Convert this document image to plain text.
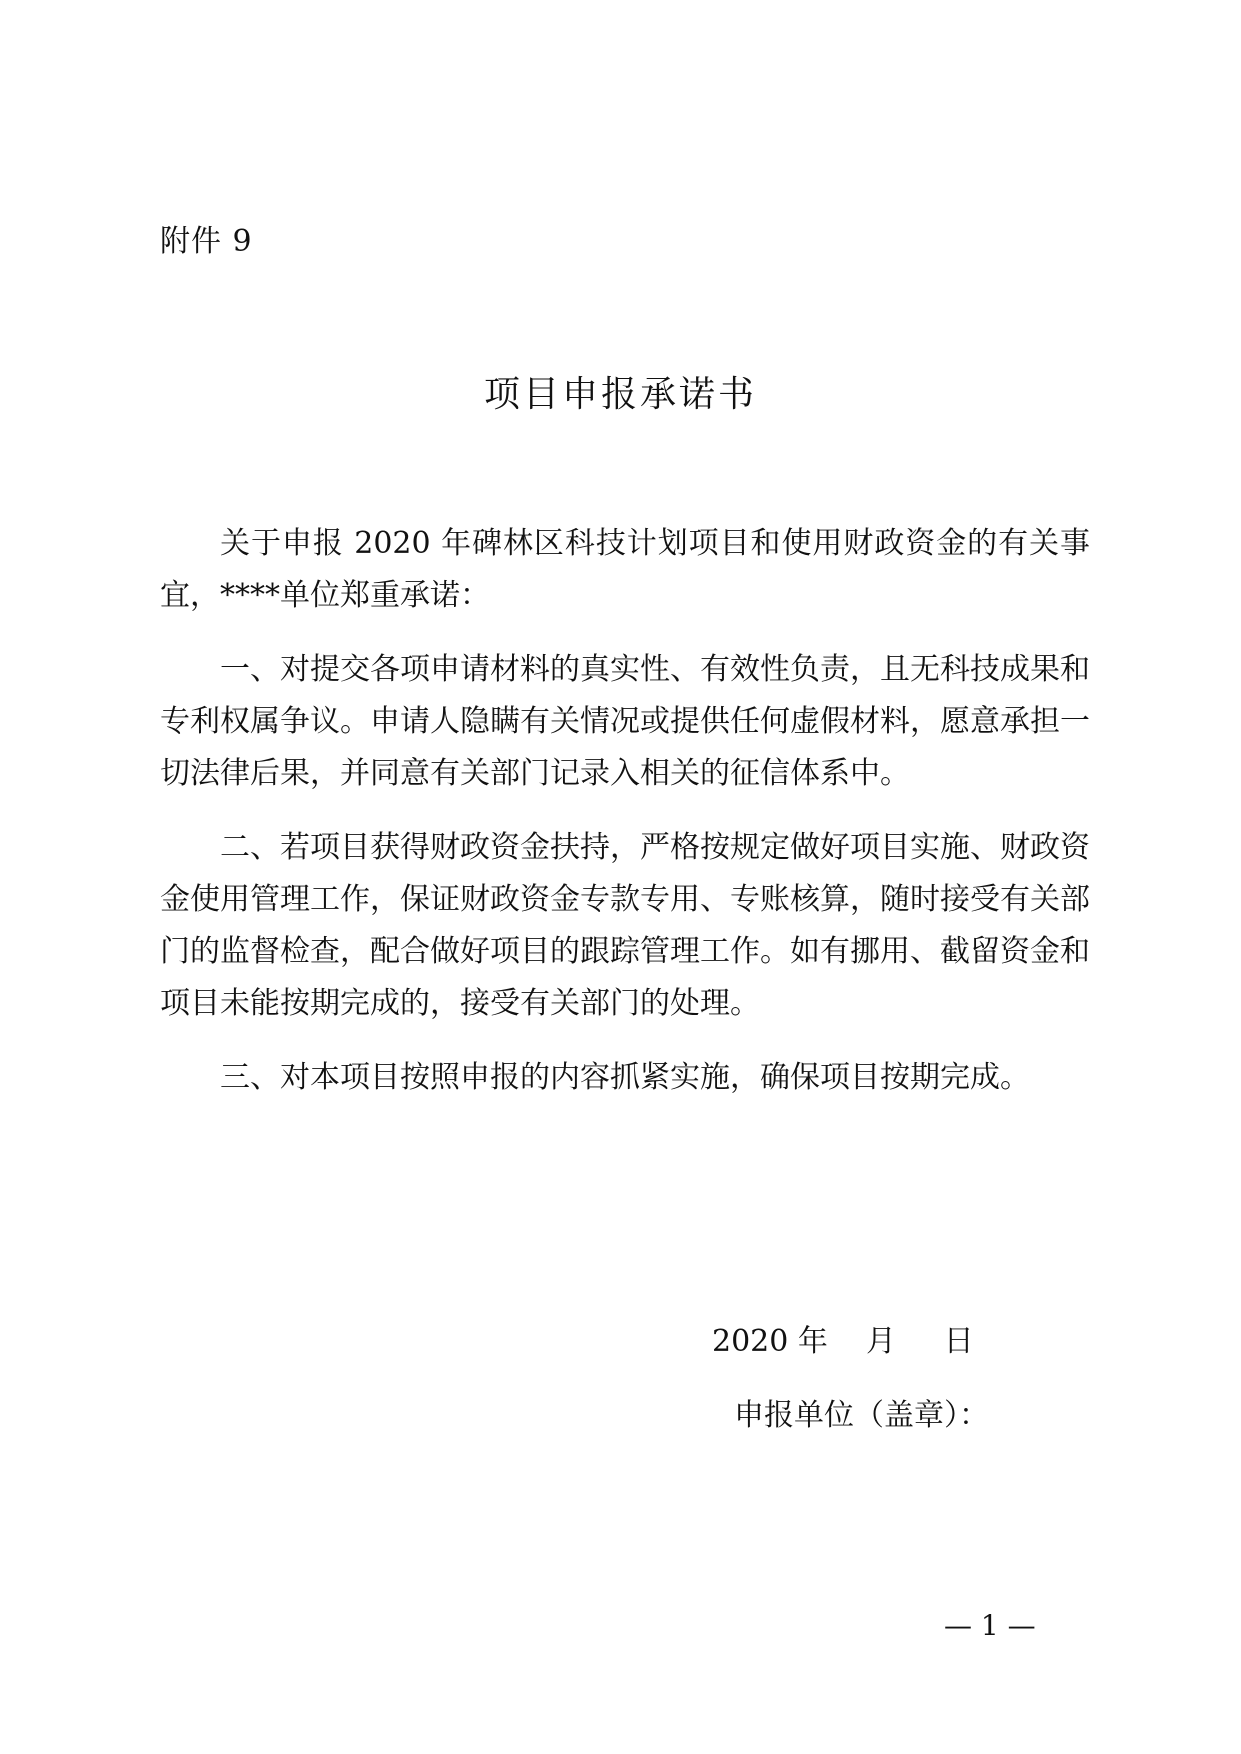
附件 9
项目申报承诺书

关于申报 2020 年碑林区科技计划项目和使用财政资金的有关事宜，****单位郑重承诺：

一、对提交各项申请材料的真实性、有效性负责，且无科技成果和专利权属争议。申请人隐瞒有关情况或提供任何虚假材料，愿意承担一切法律后果，并同意有关部门记录入相关的征信体系中。

二、若项目获得财政资金扶持，严格按规定做好项目实施、财政资金使用管理工作，保证财政资金专款专用、专账核算，随时接受有关部门的监督检查，配合做好项目的跟踪管理工作。如有挪用、截留资金和项目未能按期完成的，接受有关部门的处理。

三、对本项目按照申报的内容抓紧实施，确保项目按期完成。

2020 年    月     日
申报单位（盖章）：
— 1 —
